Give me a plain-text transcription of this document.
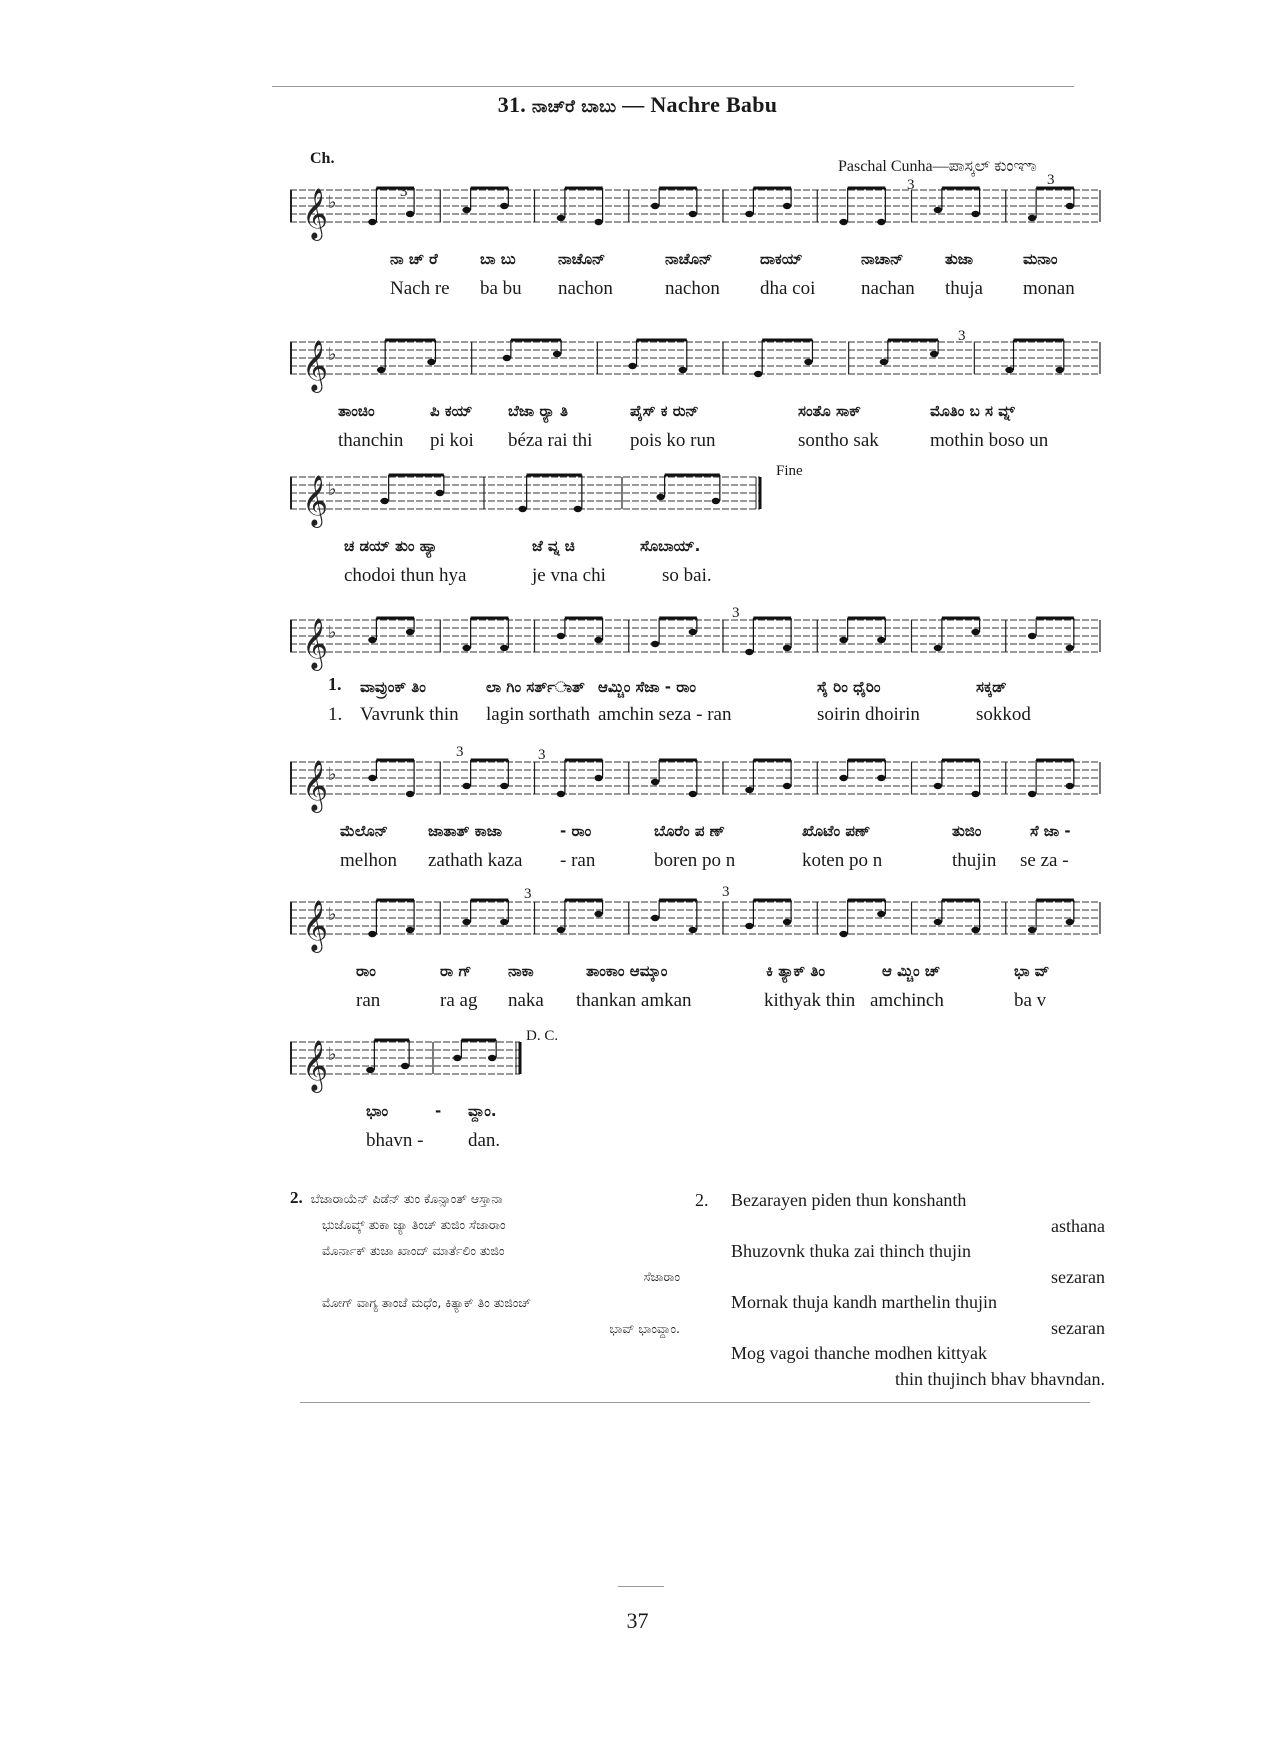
31. ನಾಚ್‌ರೆ ಬಾಬು — Nachre Babu
Ch.	Paschal Cunha—ಪಾಸ್ಕಲ್ ಕುಂಞಾ
𝄞 ♭	3	3	3
ನಾ ಚ್ ರೆ	ಬಾ ಬು	ನಾಚೊನ್	ನಾಚೊನ್	ದಾಕಯ್	ನಾಚಾನ್	ತುಜಾ	ಮನಾಂ
Nach re ba bu nachon	nachon dha coi nachan thuja monan
𝄞 ♭
3
ತಾಂಚಿಂ	ಪಿ ಕಯ್ ಬೆಜಾ ರ್‍ಯಾ ತಿ	ಪೈಸ್ ಕ ರುನ್	ಸಂತೊ ಸಾಕ್	ಮೊತಿಂ ಬ ಸ ವ್ನ್
thanchin pi koi béza rai thi pois ko run	sontho sak	mothin boso un
𝄞 ♭
Fine
ಚ ಡಯ್ ತುಂ ಹ್ಯಾ	ಜೆ ವ್ನ ಚಿ	ಸೊಬಾಯ್.
chodoi thun hya	je vna chi	so bai.
𝄞 ♭
3
1. ವಾವ್ರುಂಕ್ ತಿಂ	ಲಾ ಗಿಂ ಸರ್ತ್ಾತ್ ಆಮ್ಚಿಂ ಸೆಜಾ - ರಾಂ	ಸೈ ರಿಂ ಧೈರಿಂ	ಸಕ್ಕಡ್
1. Vavrunk thin lagin sorthath amchin seza - ran	soirin dhoirin	sokkod
𝄞 ♭
3	3
ಮೆಲೊನ್	ಜಾತಾತ್ ಕಾಜಾ	- ರಾಂ	ಬೊರೆಂ ಪ ಣ್	ಖೊಟೆಂ ಪಣ್	ತುಜಿಂ	ಸೆ ಜಾ -
melhon zathath kaza - ran	boren po n	koten po n	thujin se za -
𝄞 ♭
3	3
ರಾಂ	ರಾ ಗ್ ನಾಕಾ	ತಾಂಕಾಂ ಆಮ್ಕಾಂ	ಕಿ ತ್ಯಾಕ್ ತಿಂ	ಆ ಮ್ಚಿಂ ಚ್	ಭಾ ವ್
ran	ra ag naka thankan amkan	kithyak thin amchinch	ba v
𝄞 ♭
D. C.
ಭಾಂ	- ವ್ದಾಂ.
bhavn - dan.
2. ಬೆಜಾರಾಯೆನ್ ಪಿಡೆನ್ ತುಂ ಕೊನ್ಸಾಂತ್ ಆಸ್ತಾನಾ
ಭುಜೊವ್ಕ್ ತುಕಾ ಜ್ಯಾ ತಿಂಚ್ ತುಜಿಂ ಸೆಜಾರಾಂ
ಮೊರ್ನಾಕ್ ತುಜಾ ಖಾಂದ್ ಮಾರ್ತೆಲಿಂ ತುಜಿಂ
ಸೆಜಾರಾಂ
ಮೋಗ್ ವಾಗ್ಯ ತಾಂಚೆ ಮಧೆಂ, ಕಿತ್ಯಾಕ್ ತಿಂ ತುಜಿಂಚ್
ಭಾವ್ ಭಾಂವ್ದಾಂ.
2. Bezarayen piden thun konshanth
asthana
Bhuzovnk thuka zai thinch thujin
sezaran
Mornak thuja kandh marthelin thujin
sezaran
Mog vagoi thanche modhen kittyak
thin thujinch bhav bhavndan.
37
